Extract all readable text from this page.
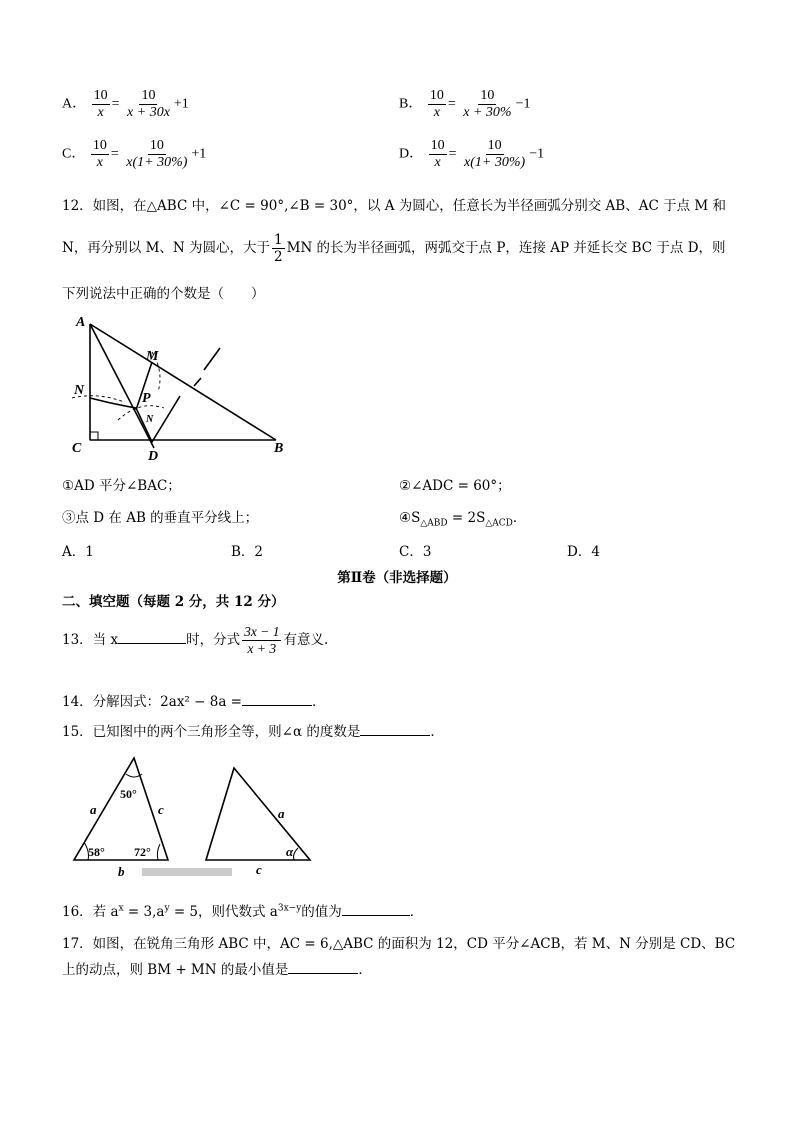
A． $\frac{10}{x} = \frac{10}{x + 30x} +1$	B． $\frac{10}{x} = \frac{10}{x + 30\%} -1$
C． $\frac{10}{x} = \frac{10}{x(1+ 30\%)} +1$	D． $\frac{10}{x} = \frac{10}{x(1+ 30\%)} -1$
12．如图，在△ABC 中，∠C = 90°,∠B = 30°，以 A 为圆心，任意长为半径画弧分别交 AB、AC 于点 M 和
N，再分别以 M、N 为圆心，大于 $\frac{1}{2}$ MN 的长为半径画弧，两弧交于点 P，连接 AP 并延长交 BC 于点 D，则
下列说法中正确的个数是（　　）
A
M
N
P
N
C
D
B
①AD 平分∠BAC；	②∠ADC = 60°；
③点 D 在 AB 的垂直平分线上；	$④S_{\triangle ABD} = 2S_{\triangle ACD}$．
A．1	B．2	C．3	D．4
第Ⅱ卷（非选择题）
二、填空题（每题 2 分，共 12 分）
13．当 x	时，分式 $\frac{3x - 1}{x + 3}$ 有意义.
14．分解因式：2ax² − 8a =	．
15．已知图中的两个三角形全等，则∠α 的度数是	．
a	c
b
a
c
α
50°
58° 72°
16．若 $a^x = 3,a^y = 5$，则代数式 $a^{3x-y}$的值为	．
17．如图，在锐角三角形 ABC 中，AC = 6,△ABC 的面积为 12，CD 平分∠ACB，若 M、N 分别是 CD、BC
上的动点，则 BM + MN 的最小值是	．
